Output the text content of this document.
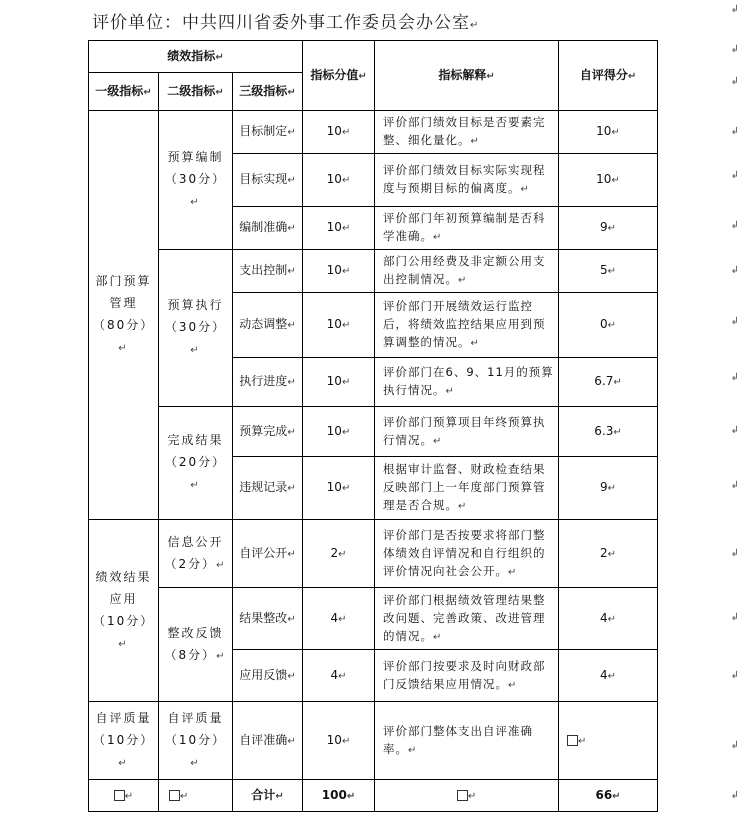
评价单位：中共四川省委外事工作委员会办公室↵
绩效指标↵			指标分值↵	指标解释↵	自评得分↵
一级指标↵	二级指标↵	三级指标↵			
部门预算管理（80分）↵	预算编制（30分）↵	目标制定↵	10↵	评价部门绩效目标是否要素完整、细化量化。↵	10↵
		目标实现↵	10↵	评价部门绩效目标实际实现程度与预期目标的偏离度。↵	10↵
		编制准确↵	10↵	评价部门年初预算编制是否科学准确。↵	9↵
	预算执行（30分）↵	支出控制↵	10↵	部门公用经费及非定额公用支出控制情况。↵	5↵
		动态调整↵	10↵	评价部门开展绩效运行监控后，将绩效监控结果应用到预算调整的情况。↵	0↵
		执行进度↵	10↵	评价部门在6、9、11月的预算执行情况。↵	6.7↵
	完成结果（20分）↵	预算完成↵	10↵	评价部门预算项目年终预算执行情况。↵	6.3↵
		违规记录↵	10↵	根据审计监督、财政检查结果反映部门上一年度部门预算管理是否合规。↵	9↵
绩效结果应用（10分）↵	信息公开（2分）↵	自评公开↵	2↵	评价部门是否按要求将部门整体绩效自评情况和自行组织的评价情况向社会公开。↵	2↵
	整改反馈（8分）↵	结果整改↵	4↵	评价部门根据绩效管理结果整改问题、完善政策、改进管理的情况。↵	4↵
		应用反馈↵	4↵	评价部门按要求及时向财政部门反馈结果应用情况。↵	4↵
自评质量（10分）↵	自评质量（10分）↵	自评准确↵	10↵	评价部门整体支出自评准确率。↵	↵
↵	↵	合计↵	100↵	↵	66↵
↲
↲
↲
↲
↲
↲
↲
↲
↲
↲
↲
↲
↲
↲
↲
↲
